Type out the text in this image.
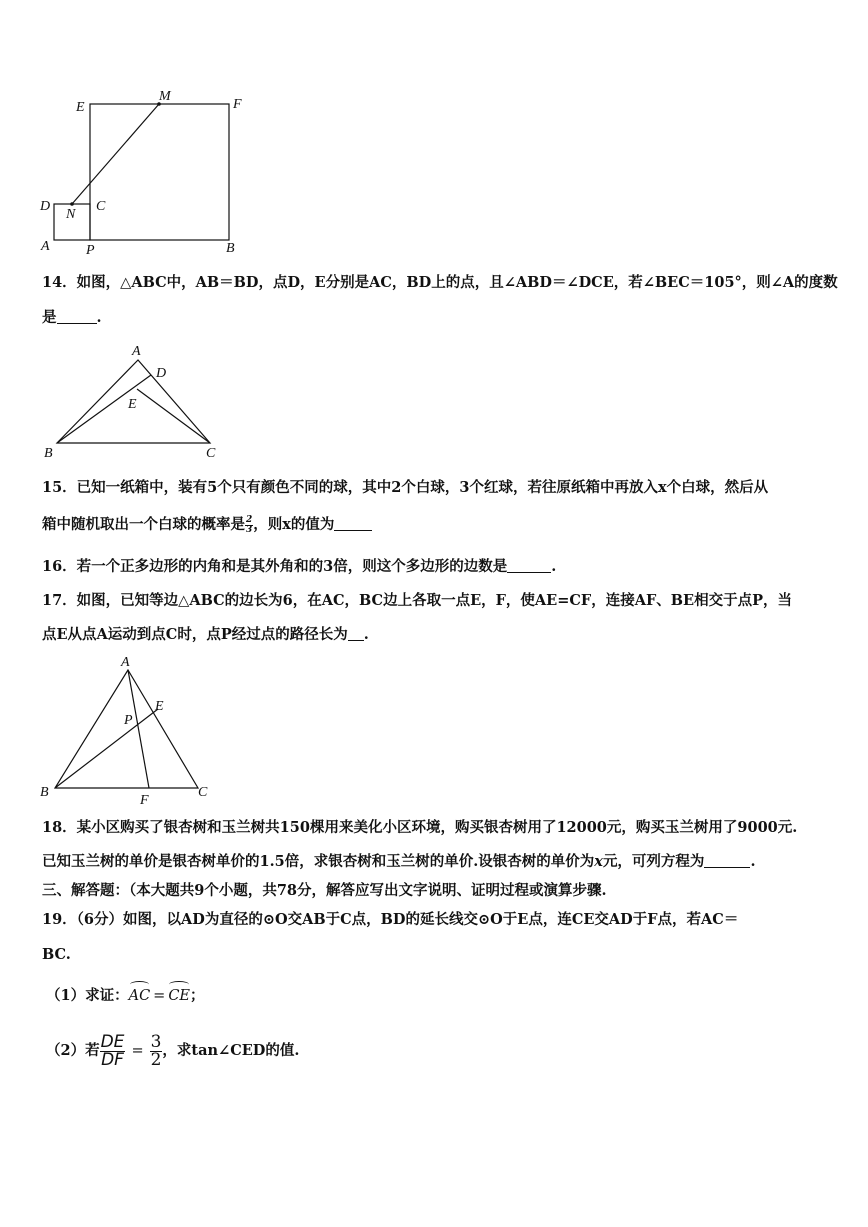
E
M
F
D
N
C
A	P	B
14．如图，△ABC中，AB＝BD，点D，E分别是AC，BD上的点，且∠ABD＝∠DCE，若∠BEC＝105°，则∠A的度数
是	.
A
D
E
B	C
15．已知一纸箱中，装有5个只有颜色不同的球，其中2个白球，3个红球，若往原纸箱中再放入x个白球，然后从
箱中随机取出一个白球的概率是 $\frac{2}{3}$ ，则x的值为
16．若一个正多边形的内角和是其外角和的3倍，则这个多边形的边数是	.
17．如图，已知等边△ABC的边长为6，在AC，BC边上各取一点E，F，使AE=CF，连接AF、BE相交于点P，当
点E从点A运动到点C时，点P经过点的路径长为 .
A
P
E
B
F
C
18．某小区购买了银杏树和玉兰树共150棵用来美化小区环境，购买银杏树用了12000元，购买玉兰树用了9000元.
已知玉兰树的单价是银杏树单价的1.5倍，求银杏树和玉兰树的单价.设银杏树的单价为x元，可列方程为	.
三、解答题：（本大题共9个小题，共78分，解答应写出文字说明、证明过程或演算步骤.
19．（6分）如图，以AD为直径的⊙O交AB于C点，BD的延长线交⊙O于E点，连CE交AD于F点，若AC＝
BC.
（1）求证：AC = CE；
（2）若 $\frac{DE}{DF} = \frac{3}{2}$ ，求tan∠CED的值.
